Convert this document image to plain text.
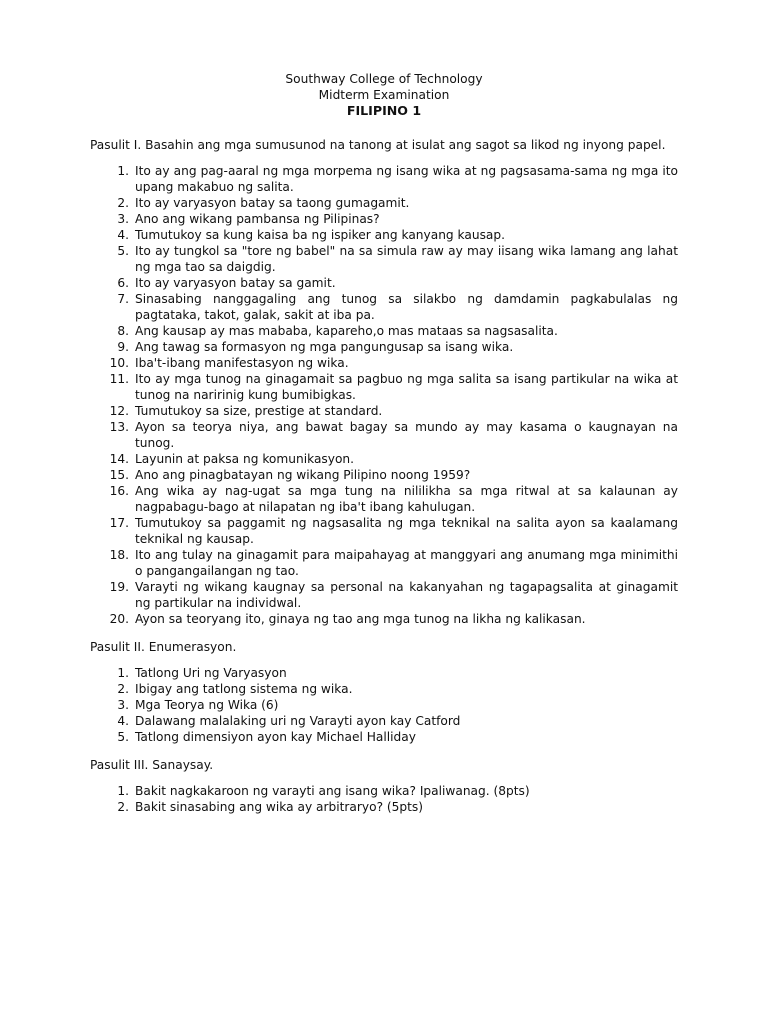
Southway College of Technology
Midterm Examination
FILIPINO 1
Pasulit I. Basahin ang mga sumusunod na tanong at isulat ang sagot sa likod ng inyong papel.
1. Ito ay ang pag-aaral ng mga morpema ng isang wika at ng pagsasama-sama ng mga ito upang makabuo ng salita.
2. Ito ay varyasyon batay sa taong gumagamit.
3. Ano ang wikang pambansa ng Pilipinas?
4. Tumutukoy sa kung kaisa ba ng ispiker ang kanyang kausap.
5. Ito ay tungkol sa "tore ng babel" na sa simula raw ay may iisang wika lamang ang lahat ng mga tao sa daigdig.
6. Ito ay varyasyon batay sa gamit.
7. Sinasabing nanggagaling ang tunog sa silakbo ng damdamin pagkabulalas ng pagtataka, takot, galak, sakit at iba pa.
8. Ang kausap ay mas mababa, kapareho,o mas mataas sa nagsasalita.
9. Ang tawag sa formasyon ng mga pangungusap sa isang wika.
10. Iba't-ibang manifestasyon ng wika.
11. Ito ay mga tunog na ginagamait sa pagbuo ng mga salita sa isang partikular na wika at tunog na naririnig kung bumibigkas.
12. Tumutukoy sa size, prestige at standard.
13. Ayon sa teorya niya, ang bawat bagay sa mundo ay may kasama o kaugnayan na tunog.
14. Layunin at paksa ng komunikasyon.
15. Ano ang pinagbatayan ng wikang Pilipino noong 1959?
16. Ang wika ay nag-ugat sa mga tung na nililikha sa mga ritwal at sa kalaunan ay nagpabagu-bago at nilapatan ng iba't ibang kahulugan.
17. Tumutukoy sa paggamit ng nagsasalita ng mga teknikal na salita ayon sa kaalamang teknikal ng kausap.
18. Ito ang tulay na ginagamit para maipahayag at manggyari ang anumang mga minimithi o pangangailangan ng tao.
19. Varayti ng wikang kaugnay sa personal na kakanyahan ng tagapagsalita at ginagamit ng partikular na individwal.
20. Ayon sa teoryang ito, ginaya ng tao ang mga tunog na likha ng kalikasan.
Pasulit II. Enumerasyon.
1. Tatlong Uri ng Varyasyon
2. Ibigay ang tatlong sistema ng wika.
3. Mga Teorya ng Wika (6)
4. Dalawang malalaking uri ng Varayti ayon kay Catford
5. Tatlong dimensiyon ayon kay Michael Halliday
Pasulit III. Sanaysay.
1. Bakit nagkakaroon ng varayti ang isang wika? Ipaliwanag. (8pts)
2. Bakit sinasabing ang wika ay arbitraryo? (5pts)
